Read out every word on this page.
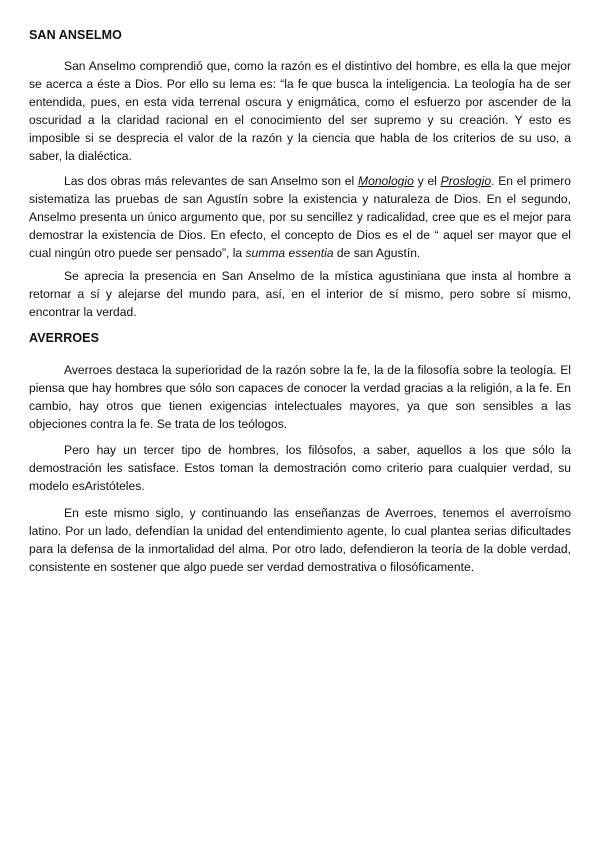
SAN ANSELMO

San Anselmo comprendió que, como la razón es el distintivo del hombre, es ella la que mejor se acerca a éste a Dios. Por ello su lema es: “la fe que busca la inteligencia. La teología ha de ser entendida, pues, en esta vida terrenal oscura y enigmática, como el esfuerzo por ascender de la oscuridad a la claridad racional en el conocimiento del ser supremo y su creación. Y esto es imposible si se desprecia el valor de la razón y la ciencia que habla de los criterios de su uso, a saber, la dialéctica.

Las dos obras más relevantes de san Anselmo son el Monologio y el Proslogio. En el primero sistematiza las pruebas de san Agustín sobre la existencia y naturaleza de Dios. En el segundo, Anselmo presenta un único argumento que, por su sencillez y radicalidad, cree que es el mejor para demostrar la existencia de Dios. En efecto, el concepto de Dios es el de “ aquel ser mayor que el cual ningún otro puede ser pensado”, la summa essentia de san Agustín.

Se aprecia la presencia en San Anselmo de la mística agustiniana que insta al hombre a retornar a sí y alejarse del mundo para, así, en el interior de sí mismo, pero sobre sí mismo, encontrar la verdad.

AVERROES

Averroes destaca la superioridad de la razón sobre la fe, la de la filosofía sobre la teología. El piensa que hay hombres que sólo son capaces de conocer la verdad gracias a la religión, a la fe. En cambio, hay otros que tienen exigencias intelectuales mayores, ya que son sensibles a las objeciones contra la fe. Se trata de los teólogos.

Pero hay un tercer tipo de hombres, los filósofos, a saber, aquellos a los que sólo la demostración les satisface. Estos toman la demostración como criterio para cualquier verdad, su modelo esAristóteles.

En este mismo siglo, y continuando las enseñanzas de Averroes, tenemos el averroísmo latino. Por un lado, defendían la unidad del entendimiento agente, lo cual plantea serias dificultades para la defensa de la inmortalidad del alma. Por otro lado, defendieron la teoría de la doble verdad, consistente en sostener que algo puede ser verdad demostrativa o filosóficamente.
